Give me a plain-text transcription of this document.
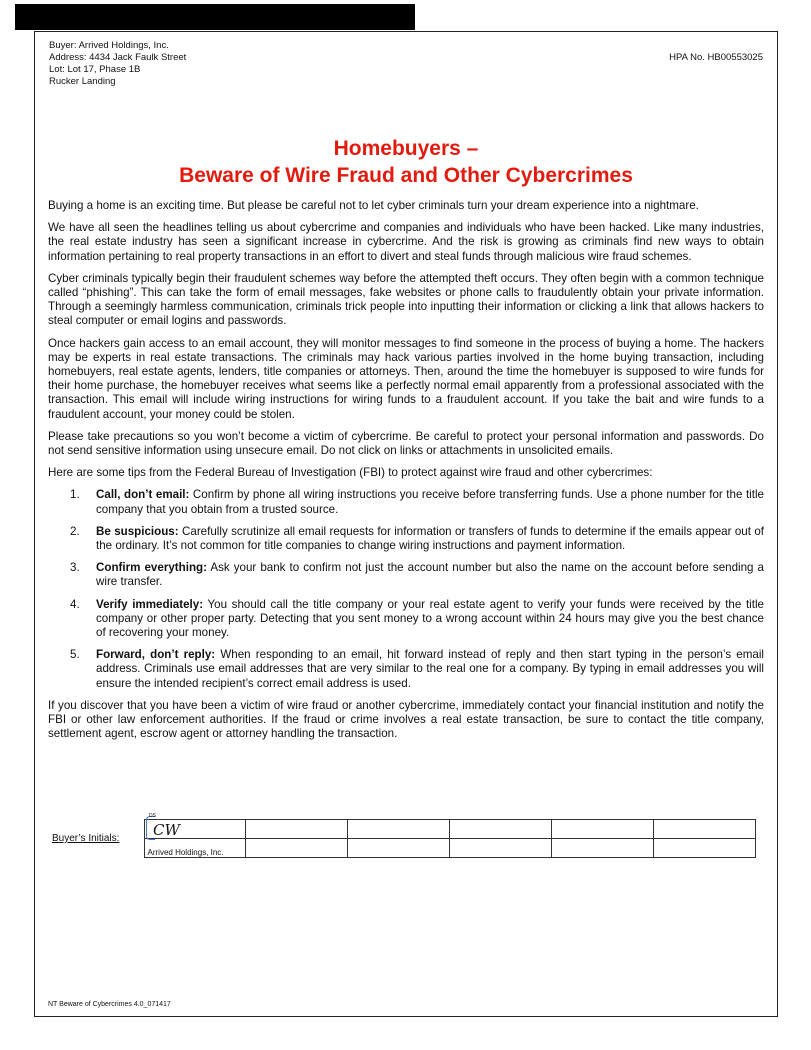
Buyer: Arrived Holdings, Inc.
Address: 4434 Jack Faulk Street
Lot: Lot 17, Phase 1B
Rucker Landing
HPA No. HB00553025
Homebuyers –
Beware of Wire Fraud and Other Cybercrimes

Buying a home is an exciting time. But please be careful not to let cyber criminals turn your dream experience into a nightmare.

We have all seen the headlines telling us about cybercrime and companies and individuals who have been hacked. Like many industries, the real estate industry has seen a significant increase in cybercrime. And the risk is growing as criminals find new ways to obtain information pertaining to real property transactions in an effort to divert and steal funds through malicious wire fraud schemes.

Cyber criminals typically begin their fraudulent schemes way before the attempted theft occurs. They often begin with a common technique called “phishing”. This can take the form of email messages, fake websites or phone calls to fraudulently obtain your private information. Through a seemingly harmless communication, criminals trick people into inputting their information or clicking a link that allows hackers to steal computer or email logins and passwords.

Once hackers gain access to an email account, they will monitor messages to find someone in the process of buying a home. The hackers may be experts in real estate transactions. The criminals may hack various parties involved in the home buying transaction, including homebuyers, real estate agents, lenders, title companies or attorneys. Then, around the time the homebuyer is supposed to wire funds for their home purchase, the homebuyer receives what seems like a perfectly normal email apparently from a professional associated with the transaction. This email will include wiring instructions for wiring funds to a fraudulent account. If you take the bait and wire funds to a fraudulent account, your money could be stolen.

Please take precautions so you won’t become a victim of cybercrime. Be careful to protect your personal information and passwords. Do not send sensitive information using unsecure email. Do not click on links or attachments in unsolicited emails.

Here are some tips from the Federal Bureau of Investigation (FBI) to protect against wire fraud and other cybercrimes:

1. Call, don’t email: Confirm by phone all wiring instructions you receive before transferring funds. Use a phone number for the title company that you obtain from a trusted source.
2. Be suspicious: Carefully scrutinize all email requests for information or transfers of funds to determine if the emails appear out of the ordinary. It’s not common for title companies to change wiring instructions and payment information.
3. Confirm everything: Ask your bank to confirm not just the account number but also the name on the account before sending a wire transfer.
4. Verify immediately: You should call the title company or your real estate agent to verify your funds were received by the title company or other proper party. Detecting that you sent money to a wrong account within 24 hours may give you the best chance of recovering your money.
5. Forward, don’t reply: When responding to an email, hit forward instead of reply and then start typing in the person’s email address. Criminals use email addresses that are very similar to the real one for a company. By typing in email addresses you will ensure the intended recipient’s correct email address is used.

If you discover that you have been a victim of wire fraud or another cybercrime, immediately contact your financial institution and notify the FBI or other law enforcement authorities. If the fraud or crime involves a real estate transaction, be sure to contact the title company, settlement agent, escrow agent or attorney handling the transaction.

Buyer’s Initials:						
	Arrived Holdings, Inc.					
DS
CW
NT Beware of Cybercrimes 4.0_071417
